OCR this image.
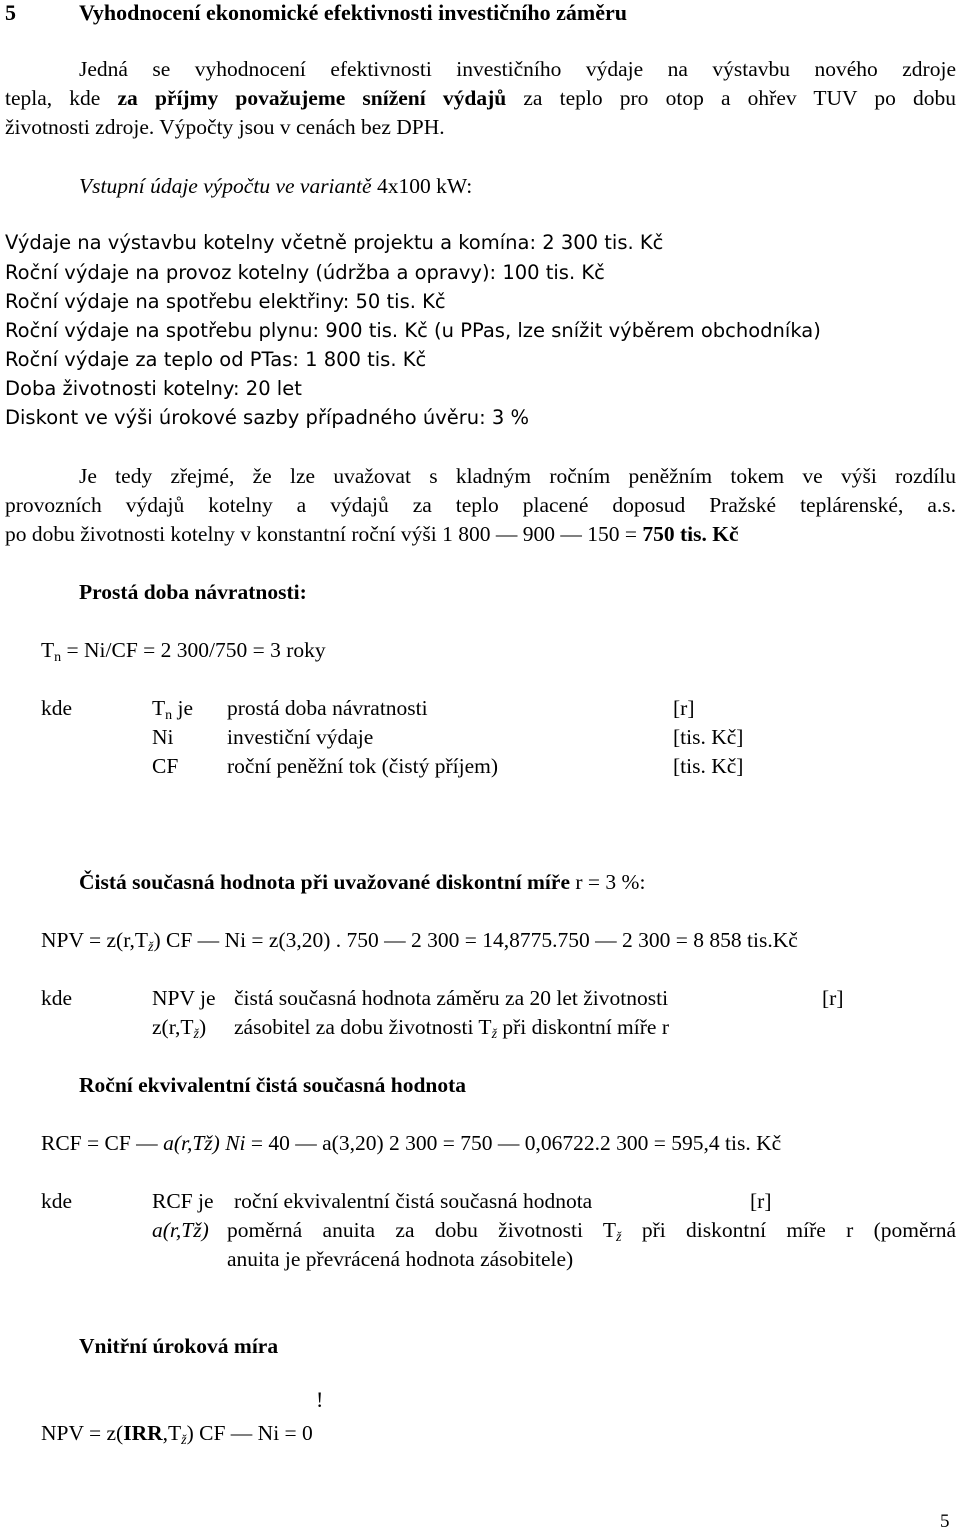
5	Vyhodnocení ekonomické efektivnosti investičního záměru
Jedná se vyhodnocení efektivnosti investičního výdaje na výstavbu nového zdroje
tepla, kde za příjmy považujeme snížení výdajů za teplo pro otop a ohřev TUV po dobu
životnosti zdroje. Výpočty jsou v cenách bez DPH.
Vstupní údaje výpočtu ve variantě 4x100 kW:
Výdaje na výstavbu kotelny včetně projektu a komína: 2 300 tis. Kč
Roční výdaje na provoz kotelny (údržba a opravy): 100 tis. Kč
Roční výdaje na spotřebu elektřiny: 50 tis. Kč
Roční výdaje na spotřebu plynu: 900 tis. Kč (u PPas, lze snížit výběrem obchodníka)
Roční výdaje za teplo od PTas: 1 800 tis. Kč
Doba životnosti kotelny: 20 let
Diskont ve výši úrokové sazby případného úvěru: 3 %
Je tedy zřejmé, že lze uvažovat s kladným ročním peněžním tokem ve výši rozdílu
provozních výdajů kotelny a výdajů za teplo placené doposud Pražské teplárenské, a.s.
po dobu životnosti kotelny v konstantní roční výši 1 800 — 900 — 150 = 750 tis. Kč
Prostá doba návratnosti:
$T_n = Ni/CF = 2$ 300/750 = 3 roky
kde	$T_n$ je prostá doba návratnosti	[r]
Ni investiční výdaje	[tis. Kč]
CF roční peněžní tok (čistý příjem)	[tis. Kč]
Čistá současná hodnota při uvažované diskontní míře r = 3 %:
NPV = $z(r,T_ž)$ CF — Ni = z(3,20) . 750 — 2 300 = 14,8775.750 — 2 300 = 8 858 tis.Kč
kde	NPV je čistá současná hodnota záměru za 20 let životnosti	[r]
$z(r,T_ž)$ zásobitel za dobu životnosti $T_ž$ při diskontní míře r
Roční ekvivalentní čistá současná hodnota
RCF = CF — a(r,Tž) Ni = 40 — a(3,20) 2 300 = 750 — 0,06722.2 300 = 595,4 tis. Kč
kde	RCF je roční ekvivalentní čistá současná hodnota	[r]
a(r,Tž) poměrná anuita za dobu životnosti $T_ž$ při diskontní míře r (poměrná
anuita je převrácená hodnota zásobitele)
Vnitřní úroková míra
!
NPV = $z(IRR,T_ž)$ CF — Ni = 0
5
